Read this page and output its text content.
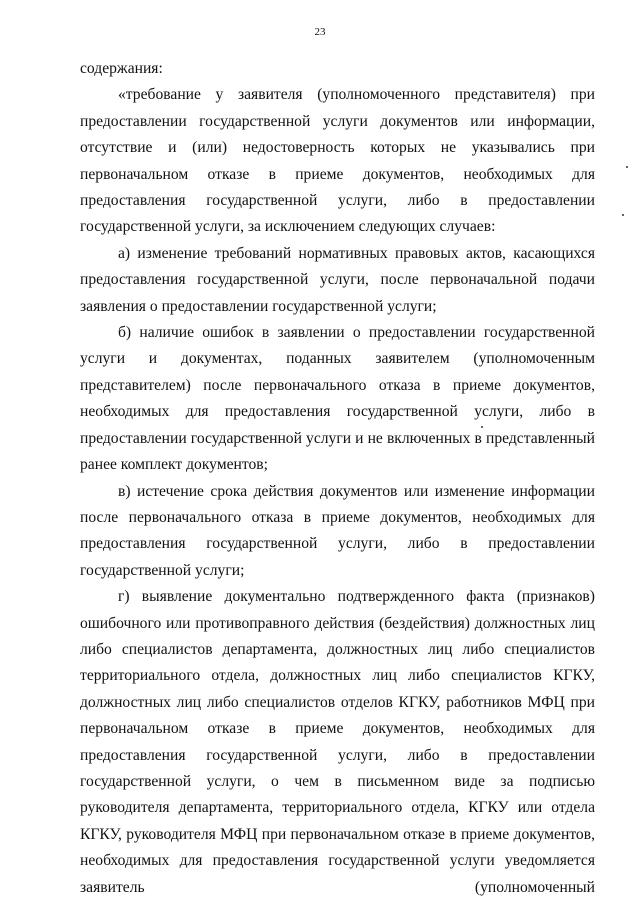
23

содержания:

«требование у заявителя (уполномоченного представителя) при предоставлении государственной услуги документов или информации, отсутствие и (или) недостоверность которых не указывались при первоначальном отказе в приеме документов, необходимых для предоставления государственной услуги, либо в предоставлении государственной услуги, за исключением следующих случаев:

а) изменение требований нормативных правовых актов, касающихся предоставления государственной услуги, после первоначальной подачи заявления о предоставлении государственной услуги;

б) наличие ошибок в заявлении о предоставлении государственной услуги и документах, поданных заявителем (уполномоченным представителем) после первоначального отказа в приеме документов, необходимых для предоставления государственной услуги, либо в предоставлении государственной услуги и не включенных в представленный ранее комплект документов;

в) истечение срока действия документов или изменение информации после первоначального отказа в приеме документов, необходимых для предоставления государственной услуги, либо в предоставлении государственной услуги;

г) выявление документально подтвержденного факта (признаков) ошибочного или противоправного действия (бездействия) должностных лиц либо специалистов департамента, должностных лиц либо специалистов территориального отдела, должностных лиц либо специалистов КГКУ, должностных лиц либо специалистов отделов КГКУ, работников МФЦ при первоначальном отказе в приеме документов, необходимых для предоставления государственной услуги, либо в предоставлении государственной услуги, о чем в письменном виде за подписью руководителя департамента, территориального отдела, КГКУ или отдела КГКУ, руководителя МФЦ при первоначальном отказе в приеме документов, необходимых для предоставления государственной услуги уведомляется заявитель (уполномоченный
